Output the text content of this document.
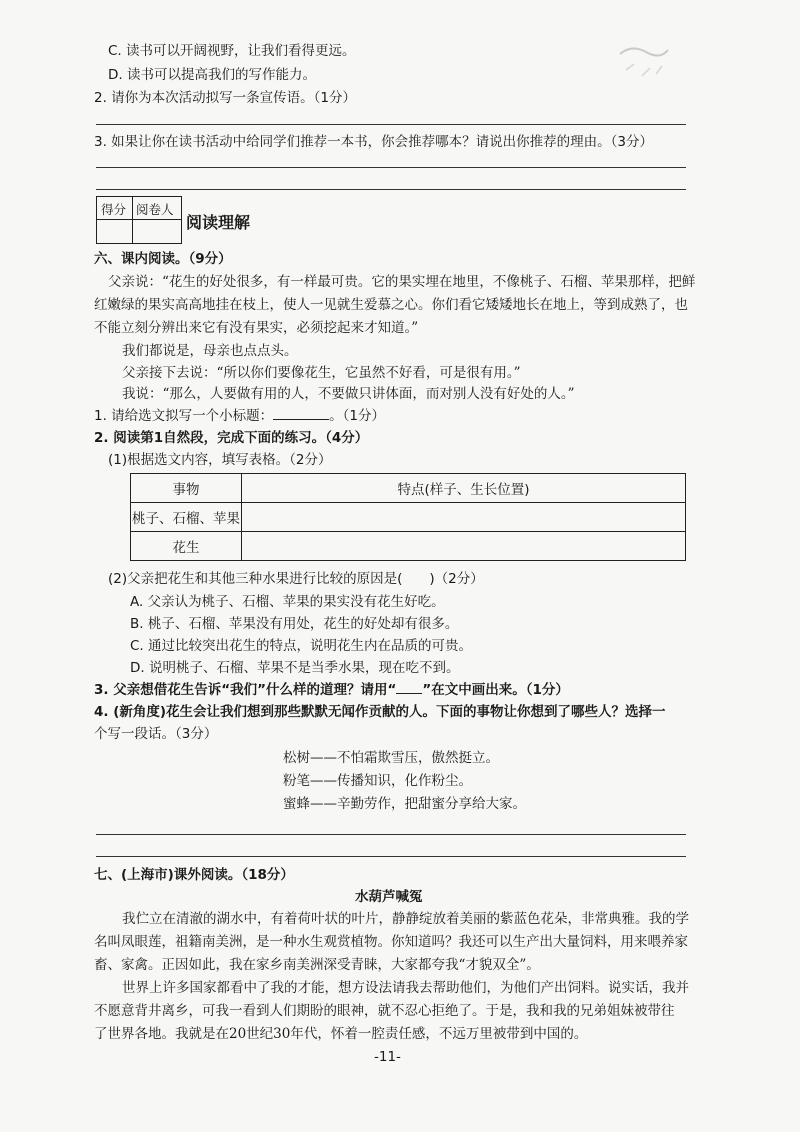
C. 读书可以开阔视野，让我们看得更远。
D. 读书可以提高我们的写作能力。
2. 请你为本次活动拟写一条宣传语。（1分）
3. 如果让你在读书活动中给同学们推荐一本书，你会推荐哪本？请说出你推荐的理由。（3分）
得分 阅卷人
阅读理解
六、课内阅读。（9分）
父亲说：“花生的好处很多，有一样最可贵。它的果实埋在地里，不像桃子、石榴、苹果那样，把鲜
红嫩绿的果实高高地挂在枝上，使人一见就生爱慕之心。你们看它矮矮地长在地上，等到成熟了，也
不能立刻分辨出来它有没有果实，必须挖起来才知道。”
我们都说是，母亲也点点头。
父亲接下去说：“所以你们要像花生，它虽然不好看，可是很有用。”
我说：“那么，人要做有用的人，不要做只讲体面，而对别人没有好处的人。”
1. 请给选文拟写一个小标题：	。（1分）
2. 阅读第1自然段，完成下面的练习。（4分）
(1)根据选文内容，填写表格。（2分）
事物	特点(样子、生长位置)
桃子、石榴、苹果	
花生	
(2)父亲把花生和其他三种水果进行比较的原因是(　　)（2分）
A. 父亲认为桃子、石榴、苹果的果实没有花生好吃。
B. 桃子、石榴、苹果没有用处，花生的好处却有很多。
C. 通过比较突出花生的特点，说明花生内在品质的可贵。
D. 说明桃子、石榴、苹果不是当季水果，现在吃不到。
3. 父亲想借花生告诉“我们”什么样的道理？请用“ ”在文中画出来。（1分）
4. (新角度)花生会让我们想到那些默默无闻作贡献的人。下面的事物让你想到了哪些人？选择一
个写一段话。（3分）
松树——不怕霜欺雪压，傲然挺立。
粉笔——传播知识，化作粉尘。
蜜蜂——辛勤劳作，把甜蜜分享给大家。
七、(上海市)课外阅读。（18分）
水葫芦喊冤
我伫立在清澈的湖水中，有着荷叶状的叶片，静静绽放着美丽的紫蓝色花朵，非常典雅。我的学
名叫凤眼莲，祖籍南美洲，是一种水生观赏植物。你知道吗？我还可以生产出大量饲料，用来喂养家
畜、家禽。正因如此，我在家乡南美洲深受青睐，大家都夸我“才貌双全”。
世界上许多国家都看中了我的才能，想方设法请我去帮助他们，为他们产出饲料。说实话，我并
不愿意背井离乡，可我一看到人们期盼的眼神，就不忍心拒绝了。于是，我和我的兄弟姐妹被带往
了世界各地。我就是在20世纪30年代，怀着一腔责任感，不远万里被带到中国的。
-11-
